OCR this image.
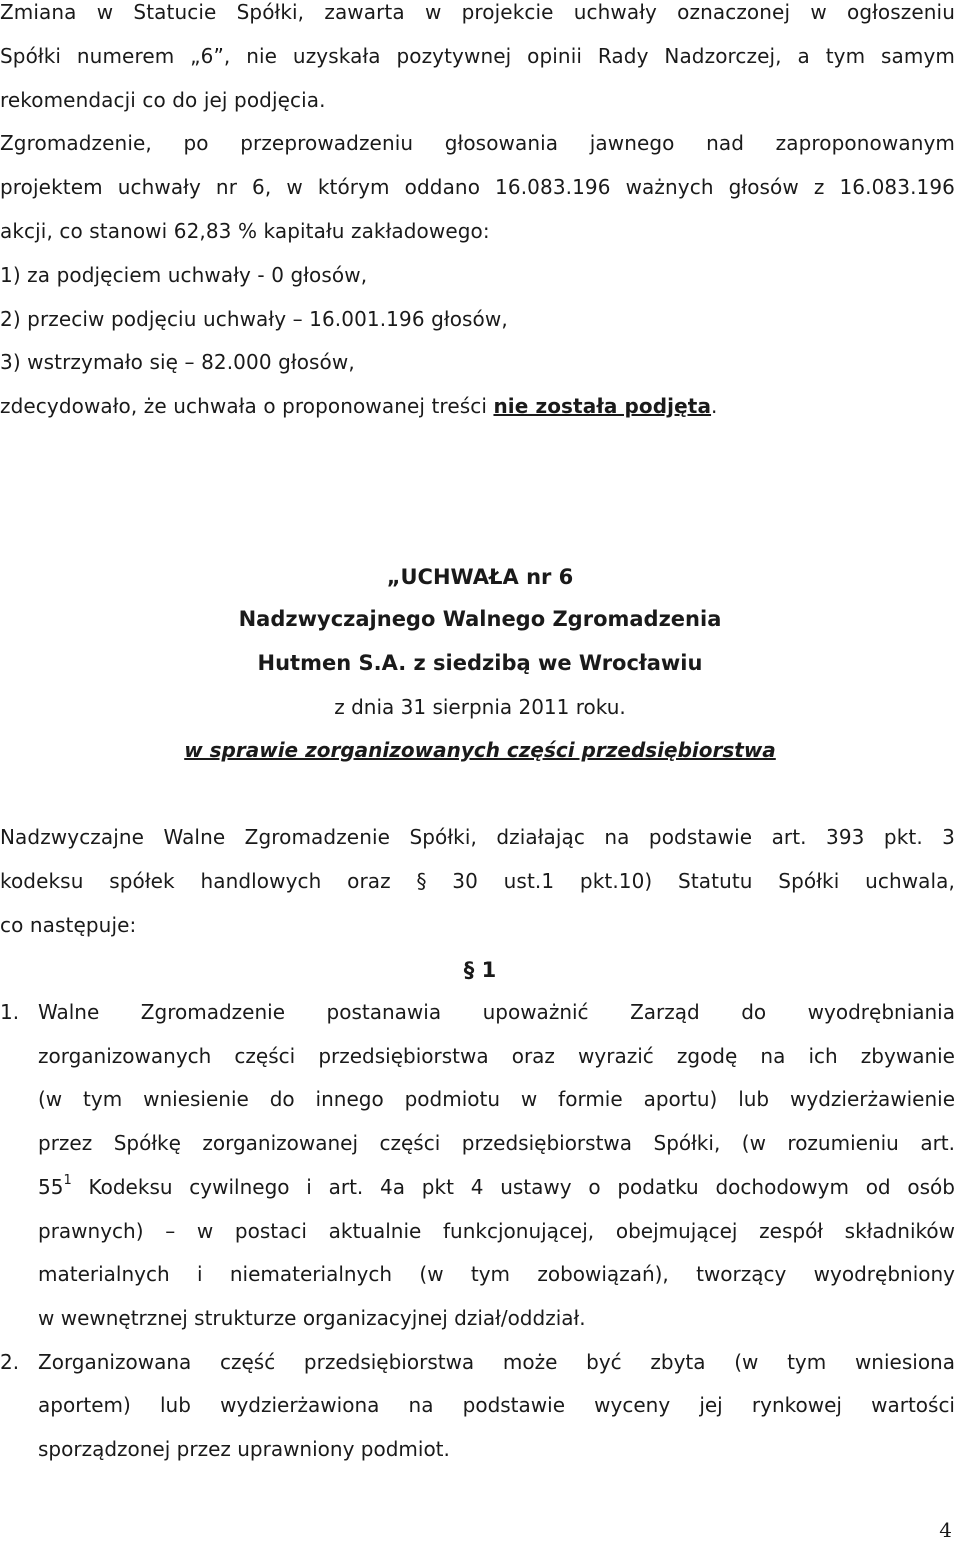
Zmiana w Statucie Spółki, zawarta w projekcie uchwały oznaczonej w ogłoszeniu
Spółki numerem „6”, nie uzyskała pozytywnej opinii Rady Nadzorczej, a tym samym
rekomendacji co do jej podjęcia.
Zgromadzenie, po przeprowadzeniu głosowania jawnego nad zaproponowanym
projektem uchwały nr 6, w którym oddano 16.083.196 ważnych głosów z 16.083.196
akcji, co stanowi 62,83 % kapitału zakładowego:
1) za podjęciem uchwały - 0 głosów,
2) przeciw podjęciu uchwały – 16.001.196 głosów,
3) wstrzymało się – 82.000 głosów,
zdecydowało, że uchwała o proponowanej treści nie została podjęta.
„UCHWAŁA nr 6
Nadzwyczajnego Walnego Zgromadzenia
Hutmen S.A. z siedzibą we Wrocławiu
z dnia 31 sierpnia 2011 roku.
w sprawie zorganizowanych części przedsiębiorstwa
Nadzwyczajne Walne Zgromadzenie Spółki, działając na podstawie art. 393 pkt. 3
kodeksu spółek handlowych oraz § 30 ust.1 pkt.10) Statutu Spółki uchwala,
co następuje:
§ 1
1. Walne Zgromadzenie postanawia upoważnić Zarząd do wyodrębniania
zorganizowanych części przedsiębiorstwa oraz wyrazić zgodę na ich zbywanie
(w tym wniesienie do innego podmiotu w formie aportu) lub wydzierżawienie
przez Spółkę zorganizowanej części przedsiębiorstwa Spółki, (w rozumieniu art.
$55^1$ Kodeksu cywilnego i art. 4a pkt 4 ustawy o podatku dochodowym od osób
prawnych) – w postaci aktualnie funkcjonującej, obejmującej zespół składników
materialnych i niematerialnych (w tym zobowiązań), tworzący wyodrębniony
w wewnętrznej strukturze organizacyjnej dział/oddział.
2. Zorganizowana część przedsiębiorstwa może być zbyta (w tym wniesiona
aportem) lub wydzierżawiona na podstawie wyceny jej rynkowej wartości
sporządzonej przez uprawniony podmiot.
4
